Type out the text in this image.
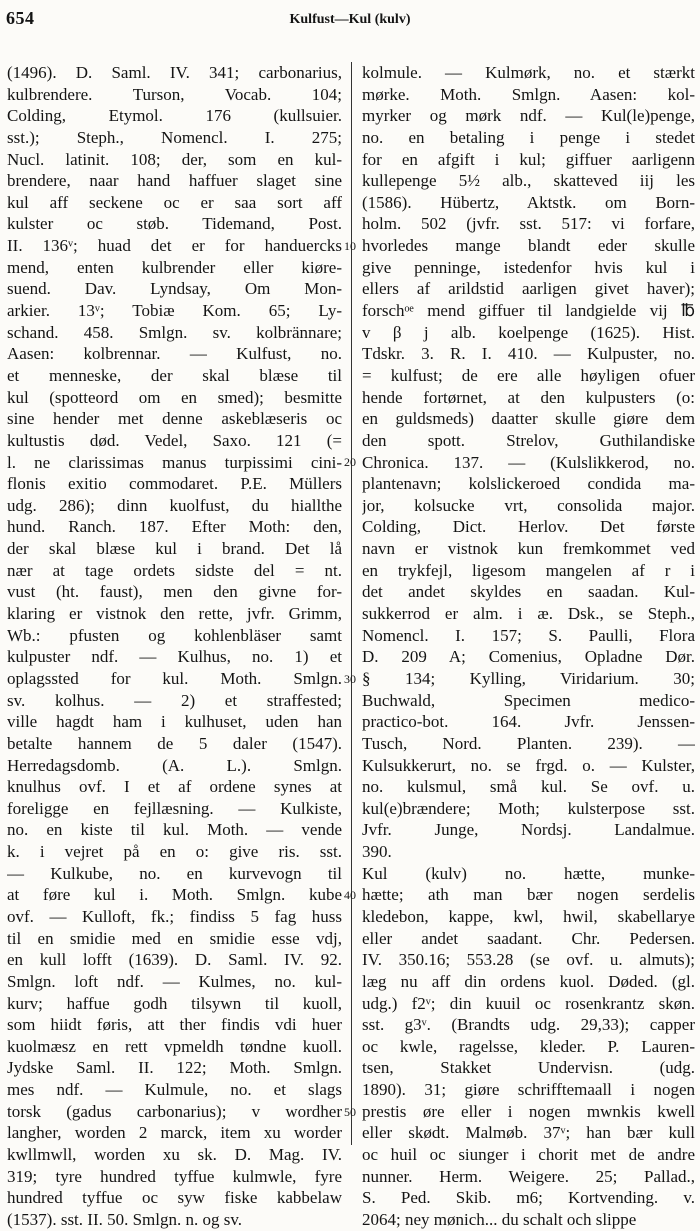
654	Kulfust—Kul (kulv)
(1496). D. Saml. IV. 341; carbonarius,
kulbrendere. Turson, Vocab. 104;
Colding, Etymol. 176 (kullsuier.
sst.); Steph., Nomencl. I. 275;
Nucl. latinit. 108; der, som en kul-
brendere, naar hand haffuer slaget sine
kul aff seckene oc er saa sort aff
kulster oc støb. Tidemand, Post.
II. 136ᵛ; huad det er for handuercks
mend, enten kulbrender eller kiøre-
suend. Dav. Lyndsay, Om Mon-
arkier. 13ᵛ; Tobiæ Kom. 65; Ly-
schand. 458. Smlgn. sv. kolbrännare;
Aasen: kolbrennar. — Kulfust, no.
et menneske, der skal blæse til
kul (spotteord om en smed); besmitte
sine hender met denne askeblæseris oc
kultustis død. Vedel, Saxo. 121 (=
l. ne clarissimas manus turpissimi cini-
flonis exitio commodaret. P.E. Müllers
udg. 286); dinn kuolfust, du hiallthe
hund. Ranch. 187. Efter Moth: den,
der skal blæse kul i brand. Det lå
nær at tage ordets sidste del = nt.
vust (ht. faust), men den givne for-
klaring er vistnok den rette, jvfr. Grimm,
Wb.: pfusten og kohlenbläser samt
kulpuster ndf. — Kulhus, no. 1) et
oplagssted for kul. Moth. Smlgn.
sv. kolhus. — 2) et straffested;
ville hagdt ham i kulhuset, uden han
betalte hannem de 5 daler (1547).
Herredagsdomb. (A. L.). Smlgn.
knulhus ovf. I et af ordene synes at
foreligge en fejllæsning. — Kulkiste,
no. en kiste til kul. Moth. — vende
k. i vejret på en o: give ris. sst.
— Kulkube, no. en kurvevogn til
at føre kul i. Moth. Smlgn. kube
ovf. — Kulloft, fk.; findiss 5 fag huss
til en smidie med en smidie esse vdj,
en kull lofft (1639). D. Saml. IV. 92.
Smlgn. loft ndf. — Kulmes, no. kul-
kurv; haffue godh tilsywn til kuoll,
som hiidt føris, att ther findis vdi huer
kuolmæsz en rett vpmeldh tøndne kuoll.
Jydske Saml. II. 122; Moth. Smlgn.
mes ndf. — Kulmule, no. et slags
torsk (gadus carbonarius); v wordher
langher, worden 2 marck, item xu worder
kwllmwll, worden xu sk. D. Mag. IV.
319; tyre hundred tyffue kulmwle, fyre
hundred tyffue oc syw fiske kabbelaw
(1537). sst. II. 50. Smlgn. n. og sv.
kolmule. — Kulmørk, no. et stærkt
mørke. Moth. Smlgn. Aasen: kol-
myrker og mørk ndf. — Kul(le)penge,
no. en betaling i penge i stedet
for en afgift i kul; giffuer aarligenn
kullepenge 5½ alb., skatteved iij les
(1586). Hübertz, Aktstk. om Born-
holm. 502 (jvfr. sst. 517: vi forfare,
hvorledes mange blandt eder skulle
give penninge, istedenfor hvis kul i
ellers af arildstid aarligen givet haver);
forschᵒᵉ mend giffuer til landgielde vij ℔
v β j alb. koelpenge (1625). Hist.
Tdskr. 3. R. I. 410. — Kulpuster, no.
= kulfust; de ere alle høyligen ofuer
hende fortørnet, at den kulpusters (o:
en guldsmeds) daatter skulle giøre dem
den spott. Strelov, Guthilandiske
Chronica. 137. — (Kulslikkerod, no.
plantenavn; kolslickeroed condida ma-
jor, kolsucke vrt, consolida major.
Colding, Dict. Herlov. Det første
navn er vistnok kun fremkommet ved
en trykfejl, ligesom mangelen af r i
det andet skyldes en saadan. Kul-
sukkerrod er alm. i æ. Dsk., se Steph.,
Nomencl. I. 157; S. Paulli, Flora
D. 209 A; Comenius, Opladne Dør.
§ 134; Kylling, Viridarium. 30;
Buchwald, Specimen medico-
practico-bot. 164. Jvfr. Jenssen-
Tusch, Nord. Planten. 239). —
Kulsukkerurt, no. se frgd. o. — Kulster,
no. kulsmul, små kul. Se ovf. u.
kul(e)brændere; Moth; kulsterpose sst.
Jvfr. Junge, Nordsj. Landalmue.
390.
Kul (kulv) no. hætte, munke-
hætte; ath man bær nogen serdelis
kledebon, kappe, kwl, hwil, skabellarye
eller andet saadant. Chr. Pedersen.
IV. 350.16; 553.28 (se ovf. u. almuts);
læg nu aff din ordens kuol. Døded. (gl.
udg.) f2ᵛ; din kuuil oc rosenkrantz skøn.
sst. g3ᵛ. (Brandts udg. 29,33); capper
oc kwle, ragelsse, kleder. P. Lauren-
tsen, Stakket Undervisn. (udg.
1890). 31; giøre schrifftemaall i nogen
prestis øre eller i nogen mwnkis kwell
eller skødt. Malmøb. 37ᵛ; han bær kull
oc huil oc siunger i chorit met de andre
nunner. Herm. Weigere. 25; Pallad.,
S. Ped. Skib. m6; Kortvending. v.
2064; ney mønich... du schalt och slippe
10
20
30
40
50
